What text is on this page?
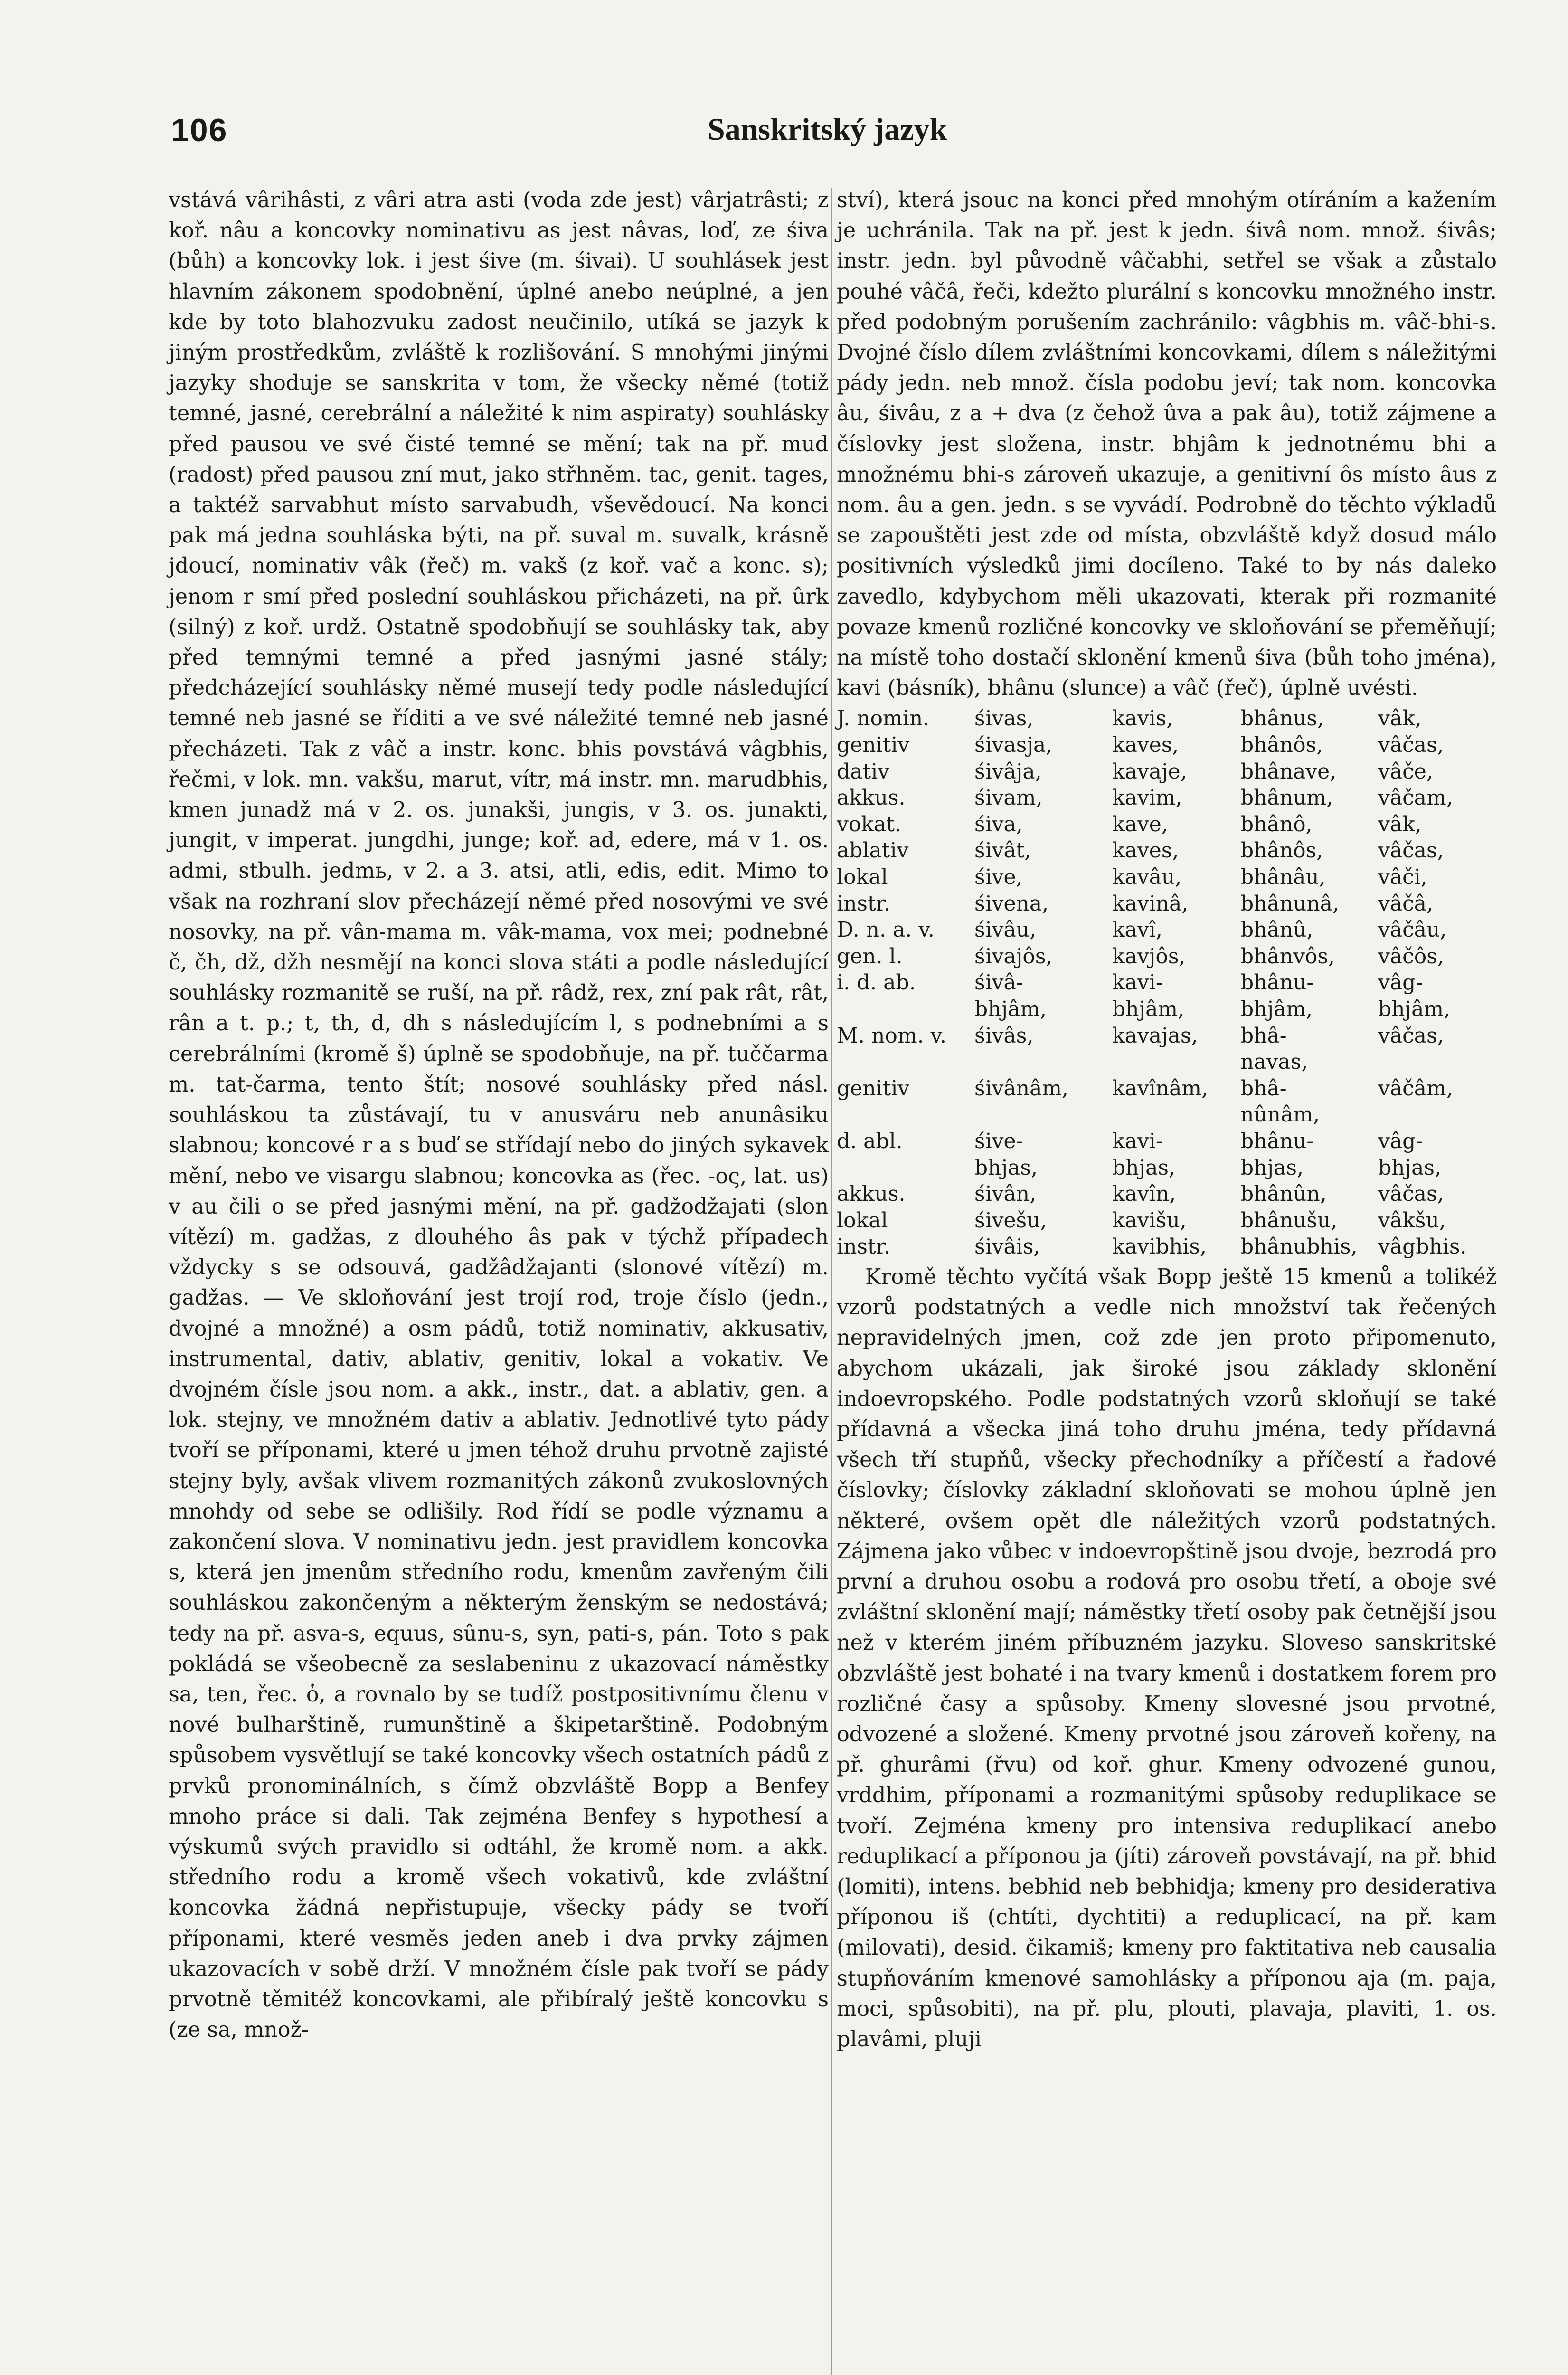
106	Sanskritský jazyk

vstává vârihâsti, z vâri atra asti (voda zde jest) vârjatrâsti; z koř. nâu a koncovky nominativu as jest nâvas, loď, ze śiva (bůh) a koncovky lok. i jest śive (m. śivai). U souhlásek jest hlavním zákonem spodobnění, úplné anebo neúplné, a jen kde by toto blahozvuku zadost neučinilo, utíká se jazyk k jiným prostředkům, zvláště k rozlišování. S mnohými jinými jazyky shoduje se sanskrita v tom, že všecky němé (totiž temné, jasné, cerebrální a náležité k nim aspiraty) souhlásky před pausou ve své čisté temné se mění; tak na př. mud (radost) před pausou zní mut, jako střhněm. tac, genit. tages, a taktéž sarvabhut místo sarvabudh, vševědoucí. Na konci pak má jedna souhláska býti, na př. suval m. suvalk, krásně jdoucí, nominativ vâk (řeč) m. vakš (z koř. vač a konc. s); jenom r smí před poslední souhláskou přicházeti, na př. ûrk (silný) z koř. urdž. Ostatně spodobňují se souhlásky tak, aby před temnými temné a před jasnými jasné stály; předcházející souhlásky němé musejí tedy podle následující temné neb jasné se říditi a ve své náležité temné neb jasné přecházeti. Tak z vâč a instr. konc. bhis povstává vâgbhis, řečmi, v lok. mn. vakšu, marut, vítr, má instr. mn. marudbhis, kmen junadž má v 2. os. junakši, jungis, v 3. os. junakti, jungit, v imperat. jungdhi, junge; koř. ad, edere, má v 1. os. admi, stbulh. jedmь, v 2. a 3. atsi, atli, edis, edit. Mimo to však na rozhraní slov přecházejí němé před nosovými ve své nosovky, na př. vân-mama m. vâk-mama, vox mei; podnebné č, čh, dž, džh nesmějí na konci slova státi a podle následující souhlásky rozmanitě se ruší, na př. râdž, rex, zní pak rât, rât, rân a t. p.; t, th, d, dh s následujícím l, s podnebními a s cerebrálními (kromě š) úplně se spodobňuje, na př. tuččarma m. tat-čarma, tento štít; nosové souhlásky před násl. souhláskou ta zůstávají, tu v anusváru neb anunâsiku slabnou; koncové r a s buď se střídají nebo do jiných sykavek mění, nebo ve visargu slabnou; koncovka as (řec. -ος, lat. us) v au čili o se před jasnými mění, na př. gadžodžajati (slon vítězí) m. gadžas, z dlouhého âs pak v týchž případech vždycky s se odsouvá, gadžâdžajanti (slonové vítězí) m. gadžas. — Ve skloňování jest trojí rod, troje číslo (jedn., dvojné a množné) a osm pádů, totiž nominativ, akkusativ, instrumental, dativ, ablativ, genitiv, lokal a vokativ. Ve dvojném čísle jsou nom. a akk., instr., dat. a ablativ, gen. a lok. stejny, ve množném dativ a ablativ. Jednotlivé tyto pády tvoří se příponami, které u jmen téhož druhu prvotně zajisté stejny byly, avšak vlivem rozmanitých zákonů zvukoslovných mnohdy od sebe se odlišily. Rod řídí se podle významu a zakončení slova. V nominativu jedn. jest pravidlem koncovka s, která jen jmenům středního rodu, kmenům zavřeným čili souhláskou zakončeným a některým ženským se nedostává; tedy na př. asva-s, equus, sûnu-s, syn, pati-s, pán. Toto s pak pokládá se všeobecně za seslabeninu z ukazovací náměstky sa, ten, řec. ὁ, a rovnalo by se tudíž postpositivnímu členu v nové bulharštině, rumunštině a škipetarštině. Podobným spůsobem vysvětlují se také koncovky všech ostatních pádů z prvků pronominálních, s čímž obzvláště Bopp a Benfey mnoho práce si dali. Tak zejména Benfey s hypothesí a výskumů svých pravidlo si odtáhl, že kromě nom. a akk. středního rodu a kromě všech vokativů, kde zvláštní koncovka žádná nepřistupuje, všecky pády se tvoří příponami, které vesměs jeden aneb i dva prvky zájmen ukazovacích v sobě drží. V množném čísle pak tvoří se pády prvotně těmitéž koncovkami, ale přibíralý ještě koncovku s (ze sa, množ-

ství), která jsouc na konci před mnohým otíráním a kažením je uchránila. Tak na př. jest k jedn. śivâ nom. množ. śivâs; instr. jedn. byl původně vâčabhi, setřel se však a zůstalo pouhé vâčâ, řeči, kdežto plurální s koncovku množného instr. před podobným porušením zachránilo: vâgbhis m. vâč-bhi-s. Dvojné číslo dílem zvláštními koncovkami, dílem s náležitými pády jedn. neb množ. čísla podobu jeví; tak nom. koncovka âu, śivâu, z a + dva (z čehož ûva a pak âu), totiž zájmene a číslovky jest složena, instr. bhjâm k jednotnému bhi a množnému bhi-s zároveň ukazuje, a genitivní ôs místo âus z nom. âu a gen. jedn. s se vyvádí. Podrobně do těchto výkladů se zapouštěti jest zde od místa, obzvláště když dosud málo positivních výsledků jimi docíleno. Také to by nás daleko zavedlo, kdybychom měli ukazovati, kterak při rozmanité povaze kmenů rozličné koncovky ve skloňování se přeměňují; na místě toho dostačí sklonění kmenů śiva (bůh toho jména), kavi (básník), bhânu (slunce) a vâč (řeč), úplně uvésti.

J. nomin.	śivas,	kavis,	bhânus,	vâk,
genitiv	śivasja,	kaves,	bhânôs,	vâčas,
dativ	śivâja,	kavaje,	bhânave,	vâče,
akkus.	śivam,	kavim,	bhânum,	vâčam,
vokat.	śiva,	kave,	bhânô,	vâk,
ablativ	śivât,	kaves,	bhânôs,	vâčas,
lokal	śive,	kavâu,	bhânâu,	vâči,
instr.	śivena,	kavinâ,	bhânunâ,	vâčâ,
D. n. a. v.	śivâu,	kavî,	bhânû,	vâčâu,
gen. l.	śivajôs,	kavjôs,	bhânvôs,	vâčôs,
i. d. ab.	śivâ-	kavi-	bhânu-	vâg-
	bhjâm,	bhjâm,	bhjâm,	bhjâm,
M. nom. v.	śivâs,	kavajas,	bhâ-	vâčas,
			navas,	
genitiv	śivânâm,	kavînâm,	bhâ-	vâčâm,
			nûnâm,	
d. abl.	śive-	kavi-	bhânu-	vâg-
	bhjas,	bhjas,	bhjas,	bhjas,
akkus.	śivân,	kavîn,	bhânûn,	vâčas,
lokal	śivešu,	kavišu,	bhânušu,	vâkšu,
instr.	śivâis,	kavibhis,	bhânubhis,	vâgbhis.

Kromě těchto vyčítá však Bopp ještě 15 kmenů a tolikéž vzorů podstatných a vedle nich množství tak řečených nepravidelných jmen, což zde jen proto připomenuto, abychom ukázali, jak široké jsou základy sklonění indoevropského. Podle podstatných vzorů skloňují se také přídavná a všecka jiná toho druhu jména, tedy přídavná všech tří stupňů, všecky přechodníky a příčestí a řadové číslovky; číslovky základní skloňovati se mohou úplně jen některé, ovšem opět dle náležitých vzorů podstatných. Zájmena jako vůbec v indoevropštině jsou dvoje, bezrodá pro první a druhou osobu a rodová pro osobu třetí, a oboje své zvláštní sklonění mají; náměstky třetí osoby pak četnější jsou než v kterém jiném příbuzném jazyku. Sloveso sanskritské obzvláště jest bohaté i na tvary kmenů i dostatkem forem pro rozličné časy a spůsoby. Kmeny slovesné jsou prvotné, odvozené a složené. Kmeny prvotné jsou zároveň kořeny, na př. ghurâmi (řvu) od koř. ghur. Kmeny odvozené gunou, vrddhim, příponami a rozmanitými spůsoby reduplikace se tvoří. Zejména kmeny pro intensiva reduplikací anebo reduplikací a příponou ja (jíti) zároveň povstávají, na př. bhid (lomiti), intens. bebhid neb bebhidja; kmeny pro desiderativa příponou iš (chtíti, dychtiti) a reduplicací, na př. kam (milovati), desid. čikamiš; kmeny pro faktitativa neb causalia stupňováním kmenové samohlásky a příponou aja (m. paja, moci, spůsobiti), na př. plu, plouti, plavaja, plaviti, 1. os. plavâmi, pluji
